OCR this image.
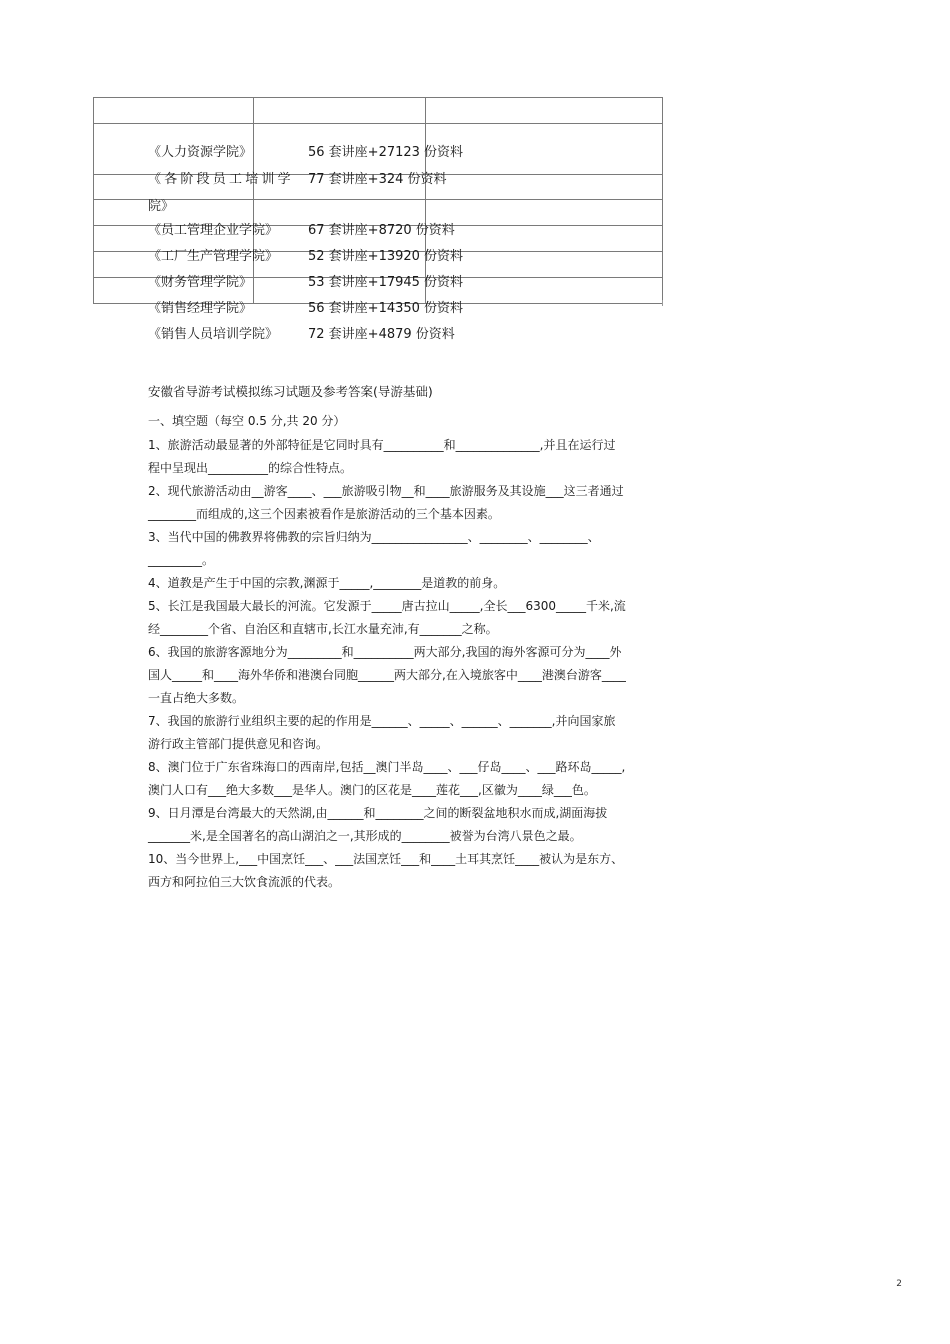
《人力资源学院》	56 套讲座+27123 份资料
《各阶段员工培训学 77 套讲座+324 份资料
院》
《员工管理企业学院》 67 套讲座+8720 份资料
《工厂生产管理学院》 52 套讲座+13920 份资料
《财务管理学院》	53 套讲座+17945 份资料
《销售经理学院》	56 套讲座+14350 份资料
《销售人员培训学院》 72 套讲座+4879 份资料
安徽省导游考试模拟练习试题及参考答案(导游基础)
一、填空题（每空 0.5 分,共 20 分）
1、旅游活动最显著的外部特征是它同时具有__________和______________,并且在运行过程中呈现出__________的综合性特点。
2、现代旅游活动由__游客____、___旅游吸引物__和____旅游服务及其设施___这三者通过________而组成的,这三个因素被看作是旅游活动的三个基本因素。
3、当代中国的佛教界将佛教的宗旨归纳为________________、________、________、_________。
4、道教是产生于中国的宗教,渊源于_____,________是道教的前身。
5、长江是我国最大最长的河流。它发源于_____唐古拉山_____,全长___6300_____千米,流经________个省、自治区和直辖市,长江水量充沛,有_______之称。
6、我国的旅游客源地分为_________和__________两大部分,我国的海外客源可分为____外国人_____和____海外华侨和港澳台同胞______两大部分,在入境旅客中____港澳台游客____一直占绝大多数。
7、我国的旅游行业组织主要的起的作用是______、_____、______、_______,并向国家旅游行政主管部门提供意见和咨询。
8、澳门位于广东省珠海口的西南岸,包括__澳门半岛____、___仔岛____、___路环岛_____,澳门人口有___绝大多数___是华人。澳门的区花是____莲花___,区徽为____绿___色。
9、日月潭是台湾最大的天然湖,由______和________之间的断裂盆地积水而成,湖面海拔_______米,是全国著名的高山湖泊之一,其形成的________被誉为台湾八景色之最。
10、当今世界上,___中国烹饪___、___法国烹饪___和____土耳其烹饪____被认为是东方、西方和阿拉伯三大饮食流派的代表。
2
